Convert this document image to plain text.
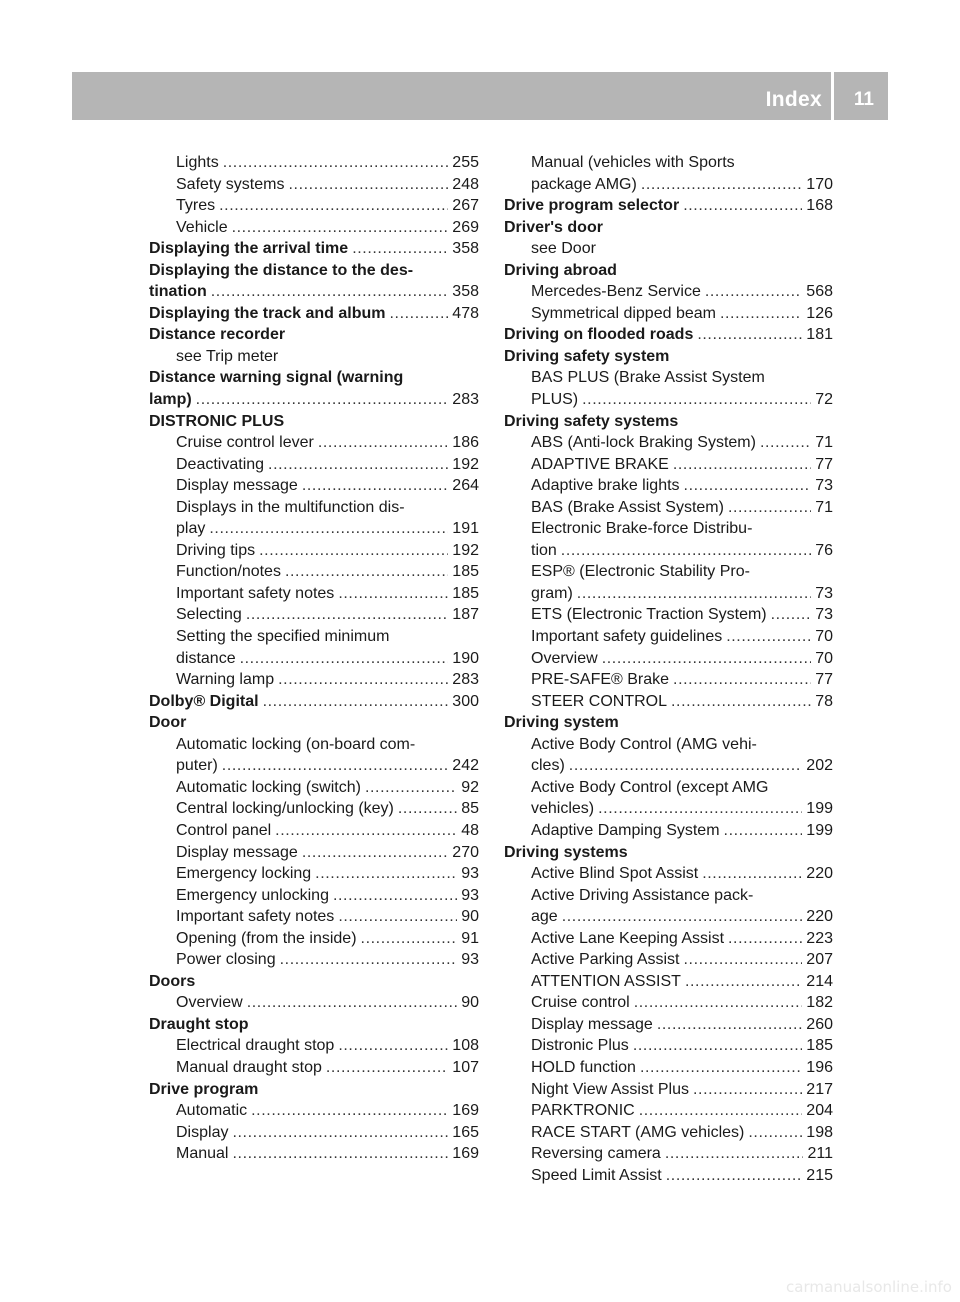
Index 11
Lights .....	255
Safety systems .....	248
Tyres .....	267
Vehicle .....	269
Displaying the arrival time .....	358
Displaying the distance to the des-
tination .....	358
Displaying the track and album .....	478
Distance recorder
see Trip meter
Distance warning signal (warning
lamp) .....	283
DISTRONIC PLUS
Cruise control lever .....	186
Deactivating .....	192
Display message .....	264
Displays in the multifunction dis-
play .....	191
Driving tips .....	192
Function/notes .....	185
Important safety notes .....	185
Selecting .....	187
Setting the specified minimum
distance .....	190
Warning lamp .....	283
Dolby® Digital .....	300
Door
Automatic locking (on-board com-
puter) .....	242
Automatic locking (switch) .....	92
Central locking/unlocking (key) .....	85
Control panel .....	48
Display message .....	270
Emergency locking .....	93
Emergency unlocking .....	93
Important safety notes .....	90
Opening (from the inside) .....	91
Power closing .....	93
Doors
Overview .....	90
Draught stop
Electrical draught stop .....	108
Manual draught stop .....	107
Drive program
Automatic .....	169
Display .....	165
Manual .....	169
Manual (vehicles with Sports
package AMG) .....	170
Drive program selector .....	168
Driver's door
see Door
Driving abroad
Mercedes-Benz Service .....	568
Symmetrical dipped beam .....	126
Driving on flooded roads .....	181
Driving safety system
BAS PLUS (Brake Assist System
PLUS) .....	72
Driving safety systems
ABS (Anti-lock Braking System) .....	71
ADAPTIVE BRAKE .....	77
Adaptive brake lights .....	73
BAS (Brake Assist System) .....	71
Electronic Brake-force Distribu-
tion .....	76
ESP® (Electronic Stability Pro-
gram) .....	73
ETS (Electronic Traction System) .....	73
Important safety guidelines .....	70
Overview .....	70
PRE-SAFE® Brake .....	77
STEER CONTROL .....	78
Driving system
Active Body Control (AMG vehi-
cles) .....	202
Active Body Control (except AMG
vehicles) .....	199
Adaptive Damping System .....	199
Driving systems
Active Blind Spot Assist .....	220
Active Driving Assistance pack-
age .....	220
Active Lane Keeping Assist .....	223
Active Parking Assist .....	207
ATTENTION ASSIST .....	214
Cruise control .....	182
Display message .....	260
Distronic Plus .....	185
HOLD function .....	196
Night View Assist Plus .....	217
PARKTRONIC .....	204
RACE START (AMG vehicles) .....	198
Reversing camera .....	211
Speed Limit Assist .....	215
carmanualsonline.info
